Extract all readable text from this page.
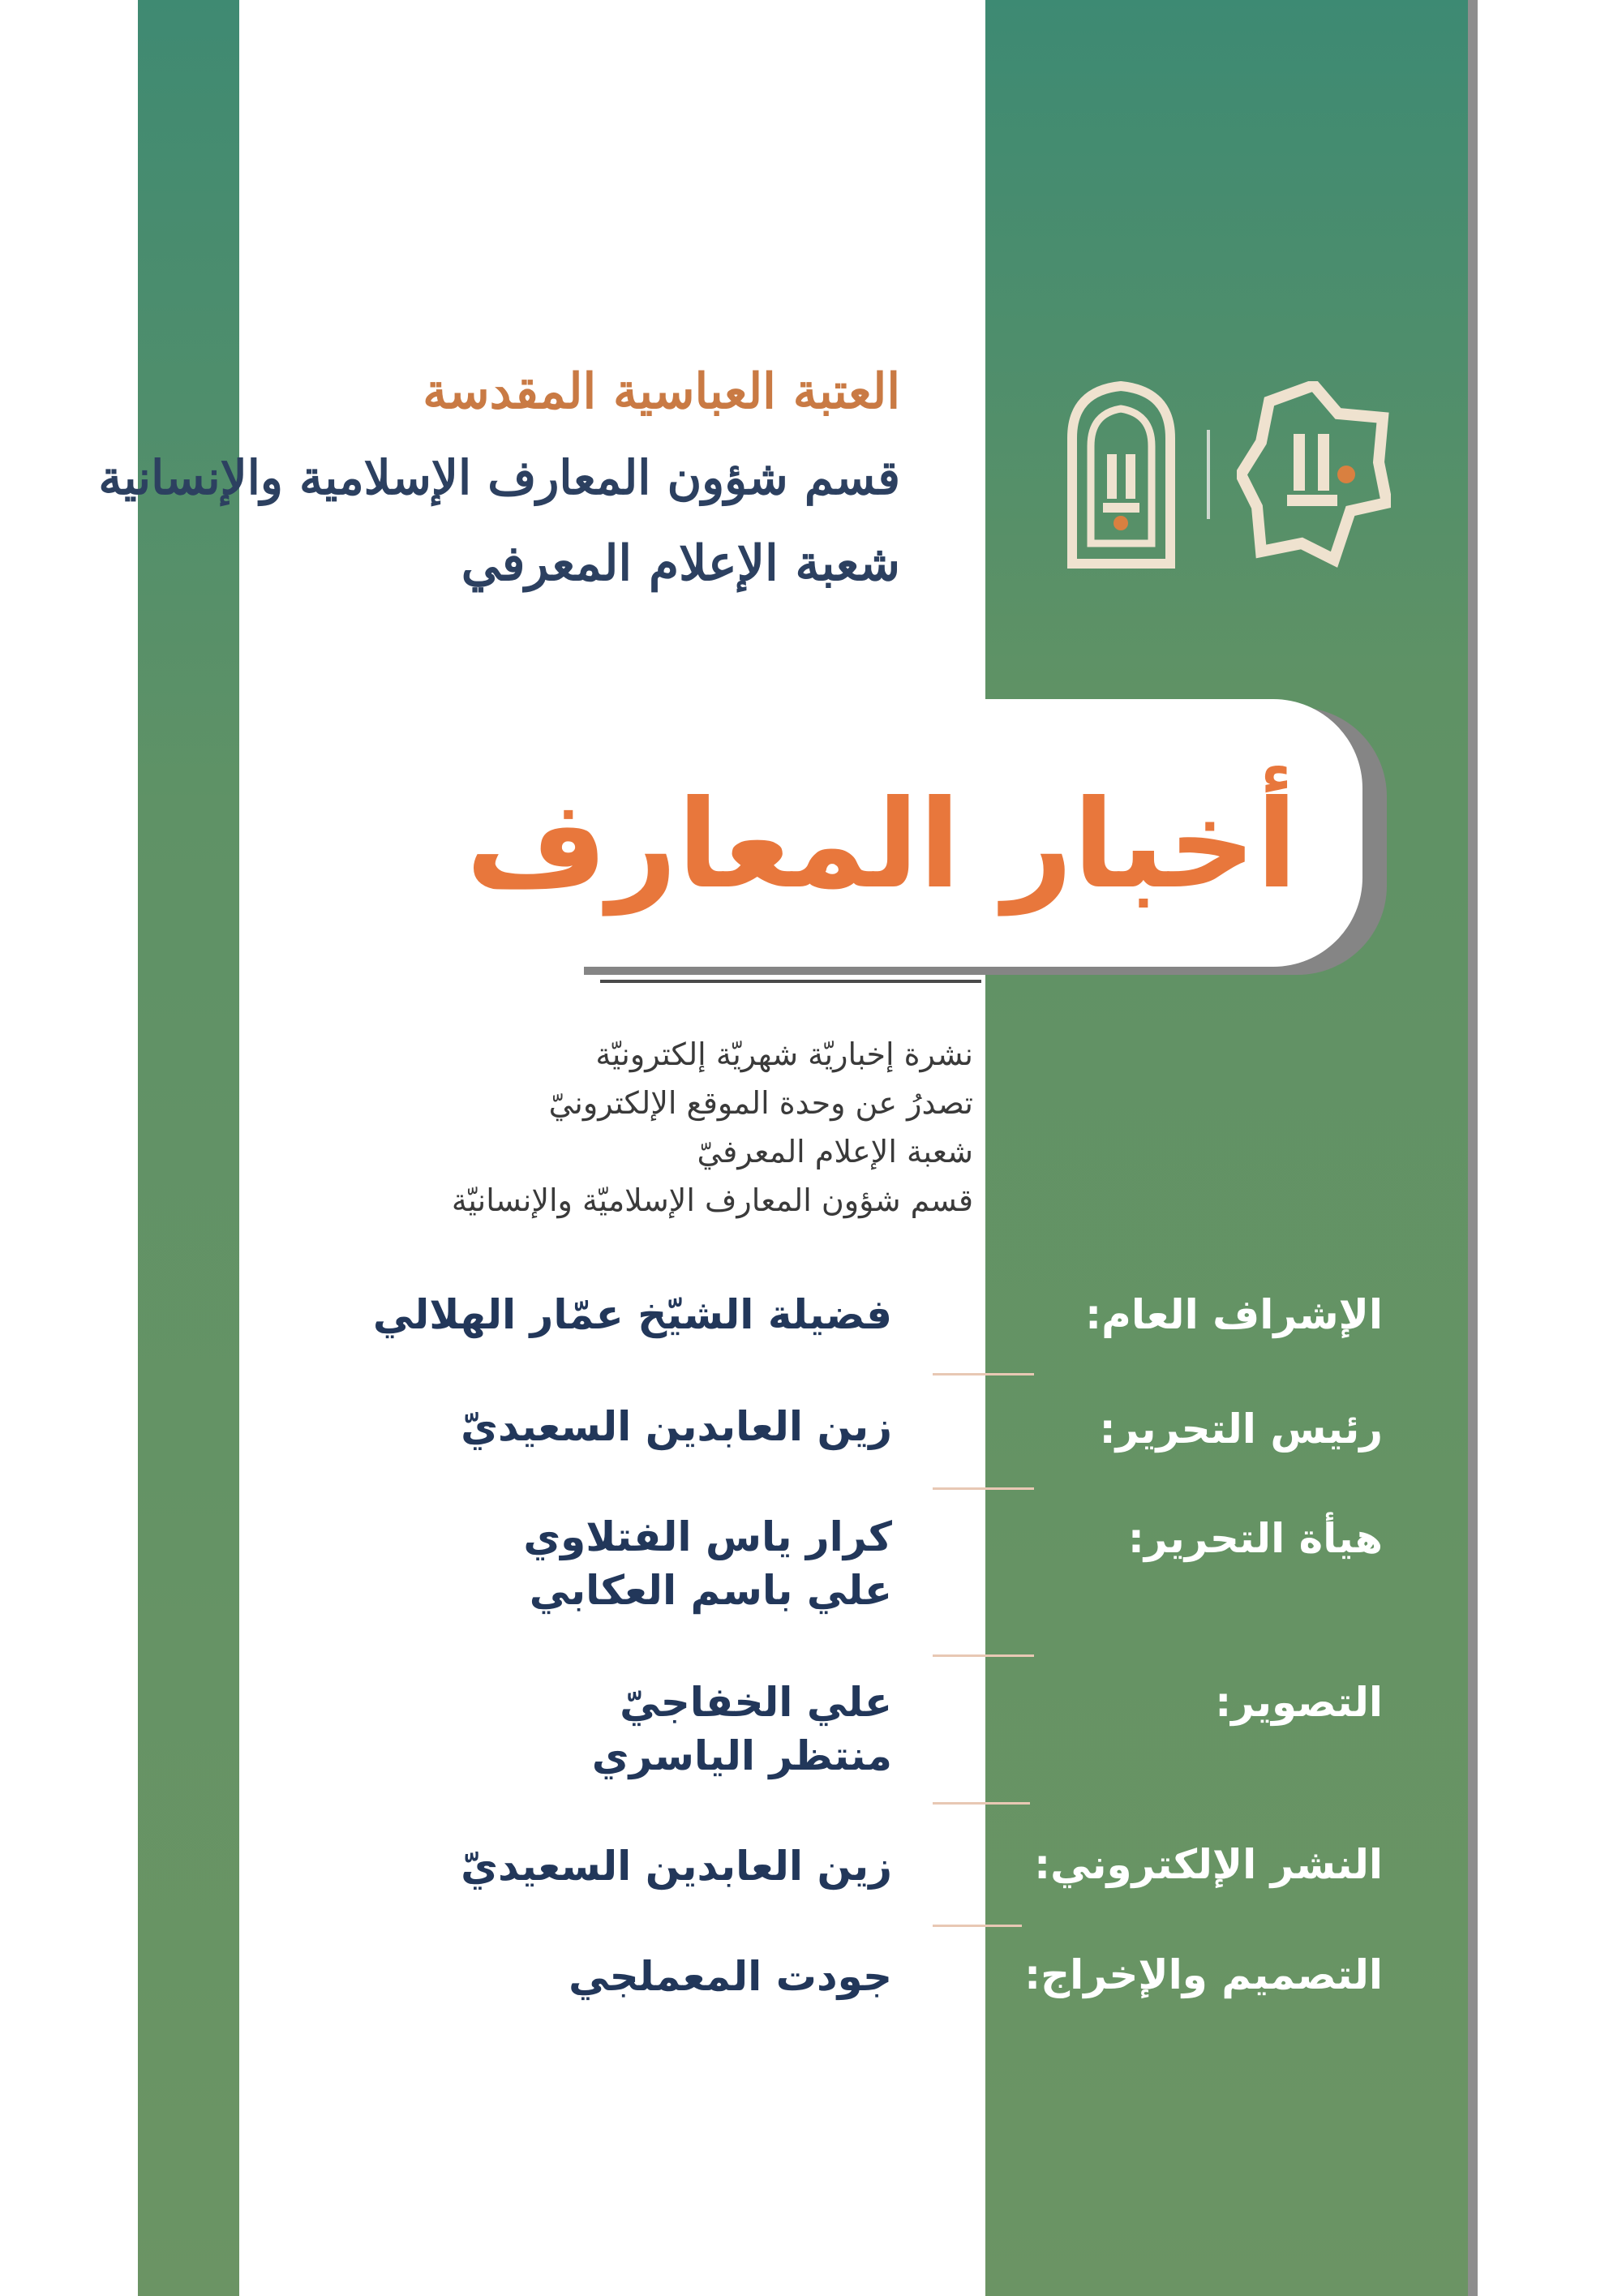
العتبة العباسية المقدسة
قسم شؤون المعارف الإسلامية والإنسانية
شعبة الإعلام المعرفي
أخبار المعارف
نشرة إخباريّة شهريّة إلكترونيّة
تصدرُ عن وحدة الموقع الإلكترونيّ
شعبة الإعلام المعرفيّ
قسم شؤون المعارف الإسلاميّة والإنسانيّة
الإشراف العام:
فضيلة الشيّخ عمّار الهلالي
رئيس التحرير:
زين العابدين السعيديّ
هيأة التحرير:
كرار ياس الفتلاوي
علي باسم العكابي
التصوير:
علي الخفاجيّ
منتظر الياسري
النشر الإلكتروني:
زين العابدين السعيديّ
التصميم والإخراج:
جودت المعملجي
